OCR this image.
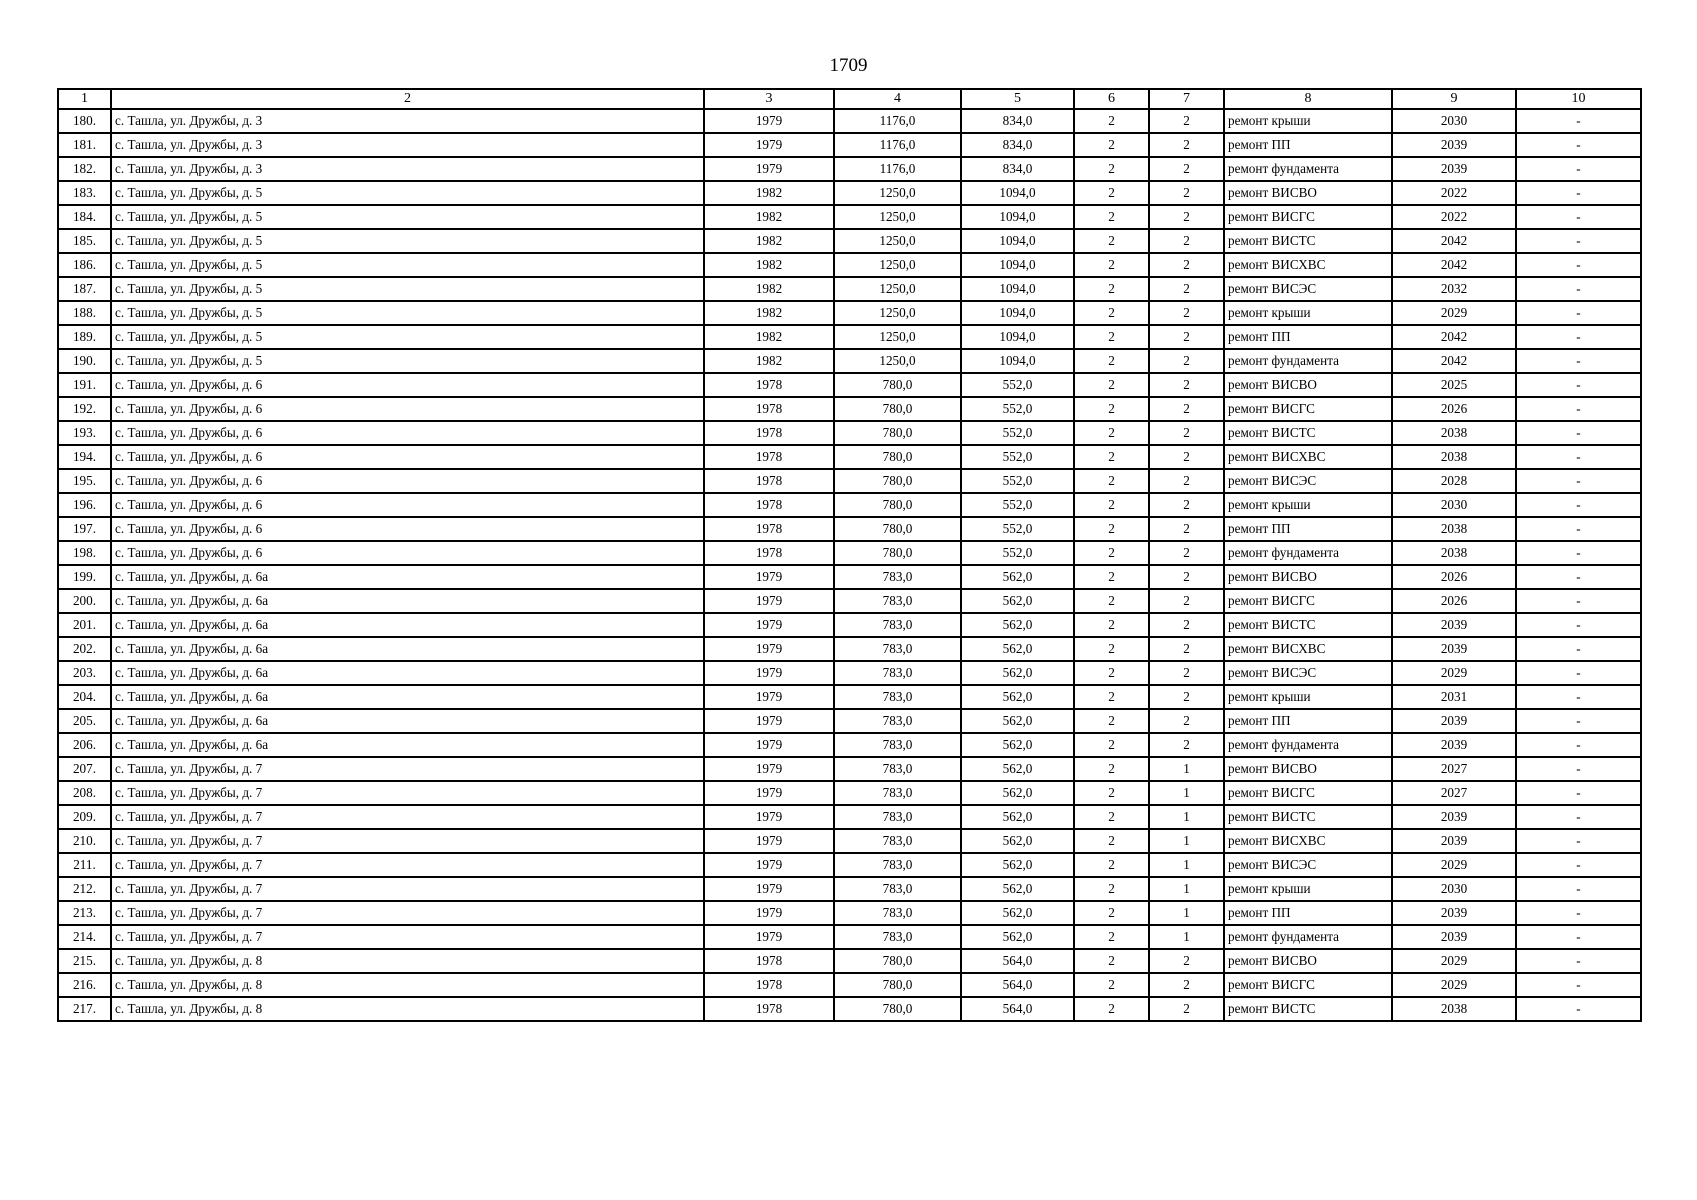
1709
1	2	3	4	5	6	7	8	9	10
180.	с. Ташла, ул. Дружбы, д. 3	1979	1176,0	834,0	2	2	ремонт крыши	2030	-
181.	с. Ташла, ул. Дружбы, д. 3	1979	1176,0	834,0	2	2	ремонт ПП	2039	-
182.	с. Ташла, ул. Дружбы, д. 3	1979	1176,0	834,0	2	2	ремонт фундамента	2039	-
183.	с. Ташла, ул. Дружбы, д. 5	1982	1250,0	1094,0	2	2	ремонт ВИСВО	2022	-
184.	с. Ташла, ул. Дружбы, д. 5	1982	1250,0	1094,0	2	2	ремонт ВИСГС	2022	-
185.	с. Ташла, ул. Дружбы, д. 5	1982	1250,0	1094,0	2	2	ремонт ВИСТС	2042	-
186.	с. Ташла, ул. Дружбы, д. 5	1982	1250,0	1094,0	2	2	ремонт ВИСХВС	2042	-
187.	с. Ташла, ул. Дружбы, д. 5	1982	1250,0	1094,0	2	2	ремонт ВИСЭС	2032	-
188.	с. Ташла, ул. Дружбы, д. 5	1982	1250,0	1094,0	2	2	ремонт крыши	2029	-
189.	с. Ташла, ул. Дружбы, д. 5	1982	1250,0	1094,0	2	2	ремонт ПП	2042	-
190.	с. Ташла, ул. Дружбы, д. 5	1982	1250,0	1094,0	2	2	ремонт фундамента	2042	-
191.	с. Ташла, ул. Дружбы, д. 6	1978	780,0	552,0	2	2	ремонт ВИСВО	2025	-
192.	с. Ташла, ул. Дружбы, д. 6	1978	780,0	552,0	2	2	ремонт ВИСГС	2026	-
193.	с. Ташла, ул. Дружбы, д. 6	1978	780,0	552,0	2	2	ремонт ВИСТС	2038	-
194.	с. Ташла, ул. Дружбы, д. 6	1978	780,0	552,0	2	2	ремонт ВИСХВС	2038	-
195.	с. Ташла, ул. Дружбы, д. 6	1978	780,0	552,0	2	2	ремонт ВИСЭС	2028	-
196.	с. Ташла, ул. Дружбы, д. 6	1978	780,0	552,0	2	2	ремонт крыши	2030	-
197.	с. Ташла, ул. Дружбы, д. 6	1978	780,0	552,0	2	2	ремонт ПП	2038	-
198.	с. Ташла, ул. Дружбы, д. 6	1978	780,0	552,0	2	2	ремонт фундамента	2038	-
199.	с. Ташла, ул. Дружбы, д. 6а	1979	783,0	562,0	2	2	ремонт ВИСВО	2026	-
200.	с. Ташла, ул. Дружбы, д. 6а	1979	783,0	562,0	2	2	ремонт ВИСГС	2026	-
201.	с. Ташла, ул. Дружбы, д. 6а	1979	783,0	562,0	2	2	ремонт ВИСТС	2039	-
202.	с. Ташла, ул. Дружбы, д. 6а	1979	783,0	562,0	2	2	ремонт ВИСХВС	2039	-
203.	с. Ташла, ул. Дружбы, д. 6а	1979	783,0	562,0	2	2	ремонт ВИСЭС	2029	-
204.	с. Ташла, ул. Дружбы, д. 6а	1979	783,0	562,0	2	2	ремонт крыши	2031	-
205.	с. Ташла, ул. Дружбы, д. 6а	1979	783,0	562,0	2	2	ремонт ПП	2039	-
206.	с. Ташла, ул. Дружбы, д. 6а	1979	783,0	562,0	2	2	ремонт фундамента	2039	-
207.	с. Ташла, ул. Дружбы, д. 7	1979	783,0	562,0	2	1	ремонт ВИСВО	2027	-
208.	с. Ташла, ул. Дружбы, д. 7	1979	783,0	562,0	2	1	ремонт ВИСГС	2027	-
209.	с. Ташла, ул. Дружбы, д. 7	1979	783,0	562,0	2	1	ремонт ВИСТС	2039	-
210.	с. Ташла, ул. Дружбы, д. 7	1979	783,0	562,0	2	1	ремонт ВИСХВС	2039	-
211.	с. Ташла, ул. Дружбы, д. 7	1979	783,0	562,0	2	1	ремонт ВИСЭС	2029	-
212.	с. Ташла, ул. Дружбы, д. 7	1979	783,0	562,0	2	1	ремонт крыши	2030	-
213.	с. Ташла, ул. Дружбы, д. 7	1979	783,0	562,0	2	1	ремонт ПП	2039	-
214.	с. Ташла, ул. Дружбы, д. 7	1979	783,0	562,0	2	1	ремонт фундамента	2039	-
215.	с. Ташла, ул. Дружбы, д. 8	1978	780,0	564,0	2	2	ремонт ВИСВО	2029	-
216.	с. Ташла, ул. Дружбы, д. 8	1978	780,0	564,0	2	2	ремонт ВИСГС	2029	-
217.	с. Ташла, ул. Дружбы, д. 8	1978	780,0	564,0	2	2	ремонт ВИСТС	2038	-
